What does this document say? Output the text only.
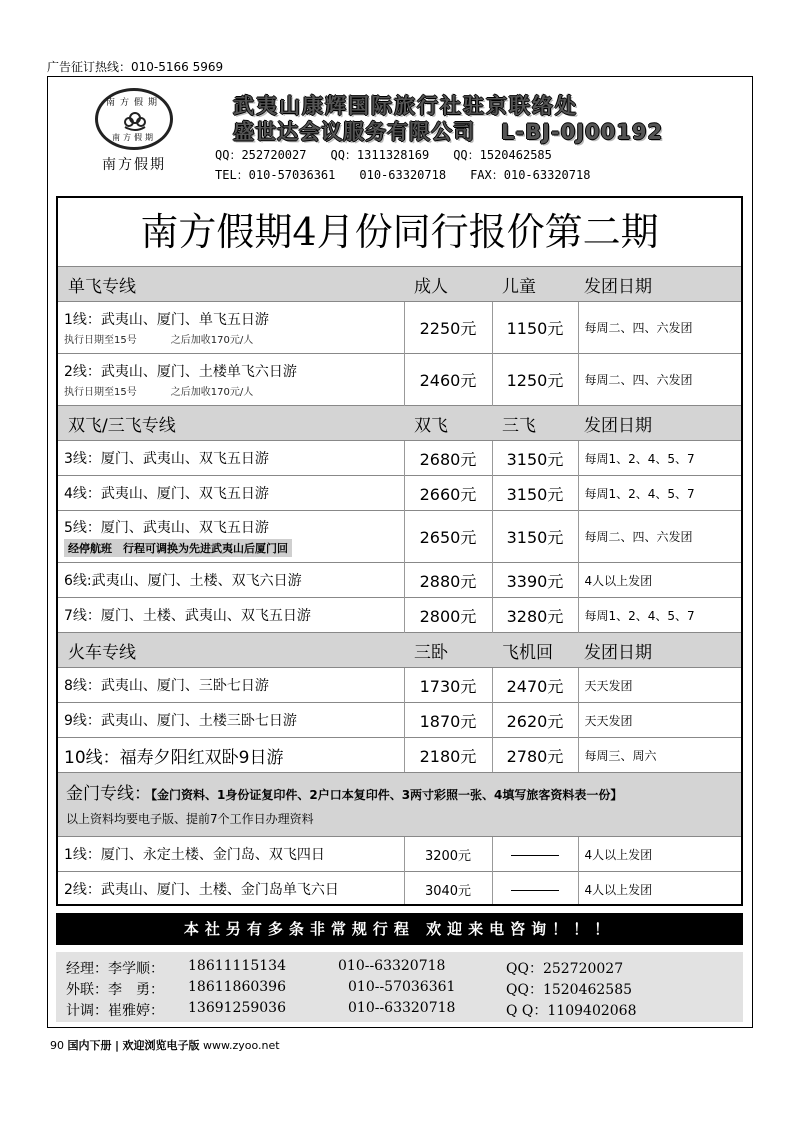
广告征订热线：010-5166 5969
南方假期
南方假期
南方假期
武夷山康辉国际旅行社驻京联络处
盛世达会议服务有限公司 L-BJ-0J00192
QQ：252720027 QQ：1311328169 QQ：1520462585
TEL：010-57036361 010-63320718 FAX：010-63320718
南方假期4月份同行报价第二期
单飞专线	成人	儿童	发团日期

1线：武夷山、厦门、单飞五日游
执行日期至15号 之后加收170元/人	2250元	1150元	每周二、四、六发团

2线：武夷山、厦门、土楼单飞六日游
执行日期至15号 之后加收170元/人	2460元	1250元	每周二、四、六发团
双飞/三飞专线	双飞	三飞	发团日期
3线：厦门、武夷山、双飞五日游	2680元	3150元	每周1、2、4、5、7
4线：武夷山、厦门、双飞五日游	2660元	3150元	每周1、2、4、5、7

5线：厦门、武夷山、双飞五日游
经停航班　行程可调换为先进武夷山后厦门回	2650元	3150元	每周二、四、六发团
6线:武夷山、厦门、土楼、双飞六日游	2880元	3390元	4人以上发团
7线：厦门、土楼、武夷山、双飞五日游	2800元	3280元	每周1、2、4、5、7
火车专线	三卧	飞机回	发团日期
8线：武夷山、厦门、三卧七日游	1730元	2470元	天天发团
9线：武夷山、厦门、土楼三卧七日游	1870元	2620元	天天发团
10线：福寿夕阳红双卧9日游	2180元	2780元	每周三、周六
金门专线：【金门资料、1身份证复印件、2户口本复印件、3两寸彩照一张、4填写旅客资料表一份】
以上资料均要电子版、提前7个工作日办理资料
1线：厦门、永定土楼、金门岛、双飞四日	3200元		4人以上发团
2线：武夷山、厦门、土楼、金门岛单飞六日	3040元		4人以上发团
本社另有多条非常规行程 欢迎来电咨询！！！
经理：李学顺： 18611115134	010--63320718	QQ：252720027
外联：李　勇： 18611860396	010--57036361	QQ：1520462585
计调：崔雅婷： 13691259036	010--63320718	Q Q：1109402068
90 国内下册 | 欢迎浏览电子版 www.zyoo.net
